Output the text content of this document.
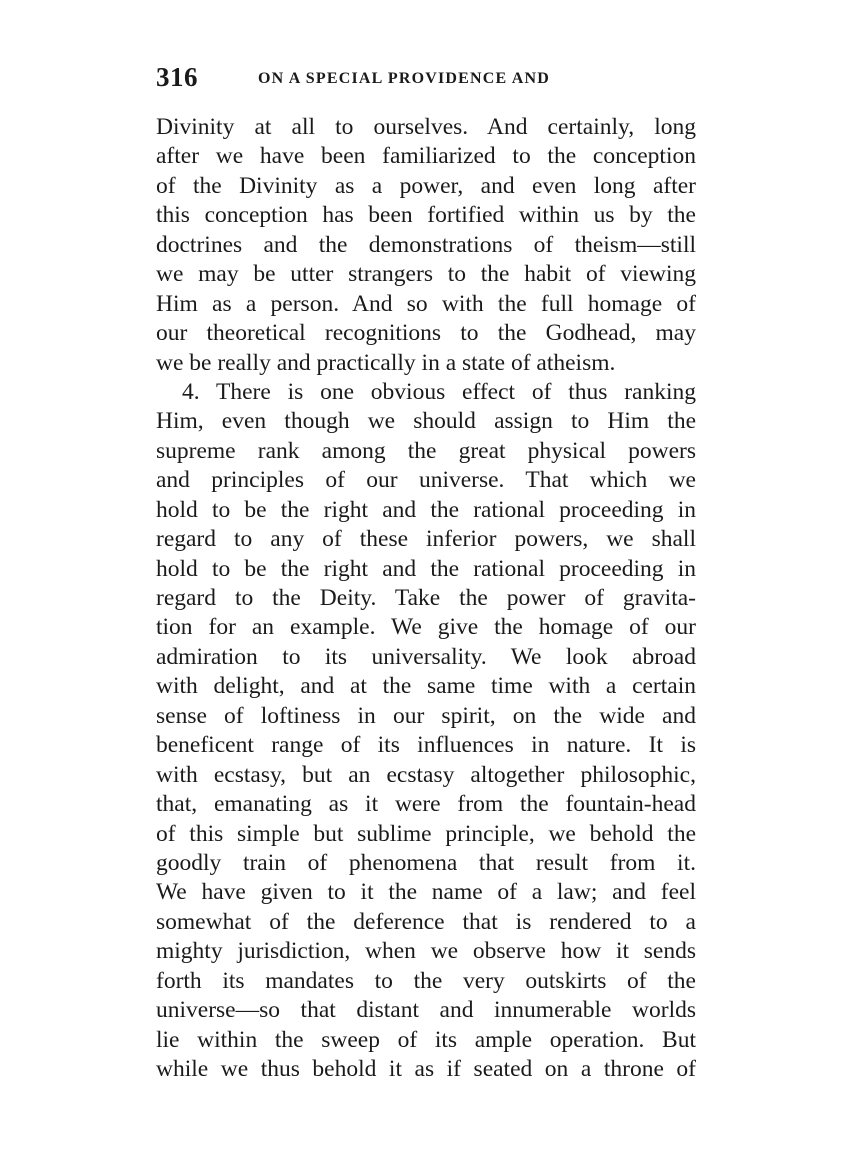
316	ON A SPECIAL PROVIDENCE AND
Divinity at all to ourselves. And certainly, long
after we have been familiarized to the conception
of the Divinity as a power, and even long after
this conception has been fortified within us by the
doctrines and the demonstrations of theism—still
we may be utter strangers to the habit of viewing
Him as a person. And so with the full homage of
our theoretical recognitions to the Godhead, may
we be really and practically in a state of atheism.
4. There is one obvious effect of thus ranking
Him, even though we should assign to Him the
supreme rank among the great physical powers
and principles of our universe. That which we
hold to be the right and the rational proceeding in
regard to any of these inferior powers, we shall
hold to be the right and the rational proceeding in
regard to the Deity. Take the power of gravita-
tion for an example. We give the homage of our
admiration to its universality. We look abroad
with delight, and at the same time with a certain
sense of loftiness in our spirit, on the wide and
beneficent range of its influences in nature. It is
with ecstasy, but an ecstasy altogether philosophic,
that, emanating as it were from the fountain-head
of this simple but sublime principle, we behold the
goodly train of phenomena that result from it.
We have given to it the name of a law; and feel
somewhat of the deference that is rendered to a
mighty jurisdiction, when we observe how it sends
forth its mandates to the very outskirts of the
universe—so that distant and innumerable worlds
lie within the sweep of its ample operation. But
while we thus behold it as if seated on a throne of
